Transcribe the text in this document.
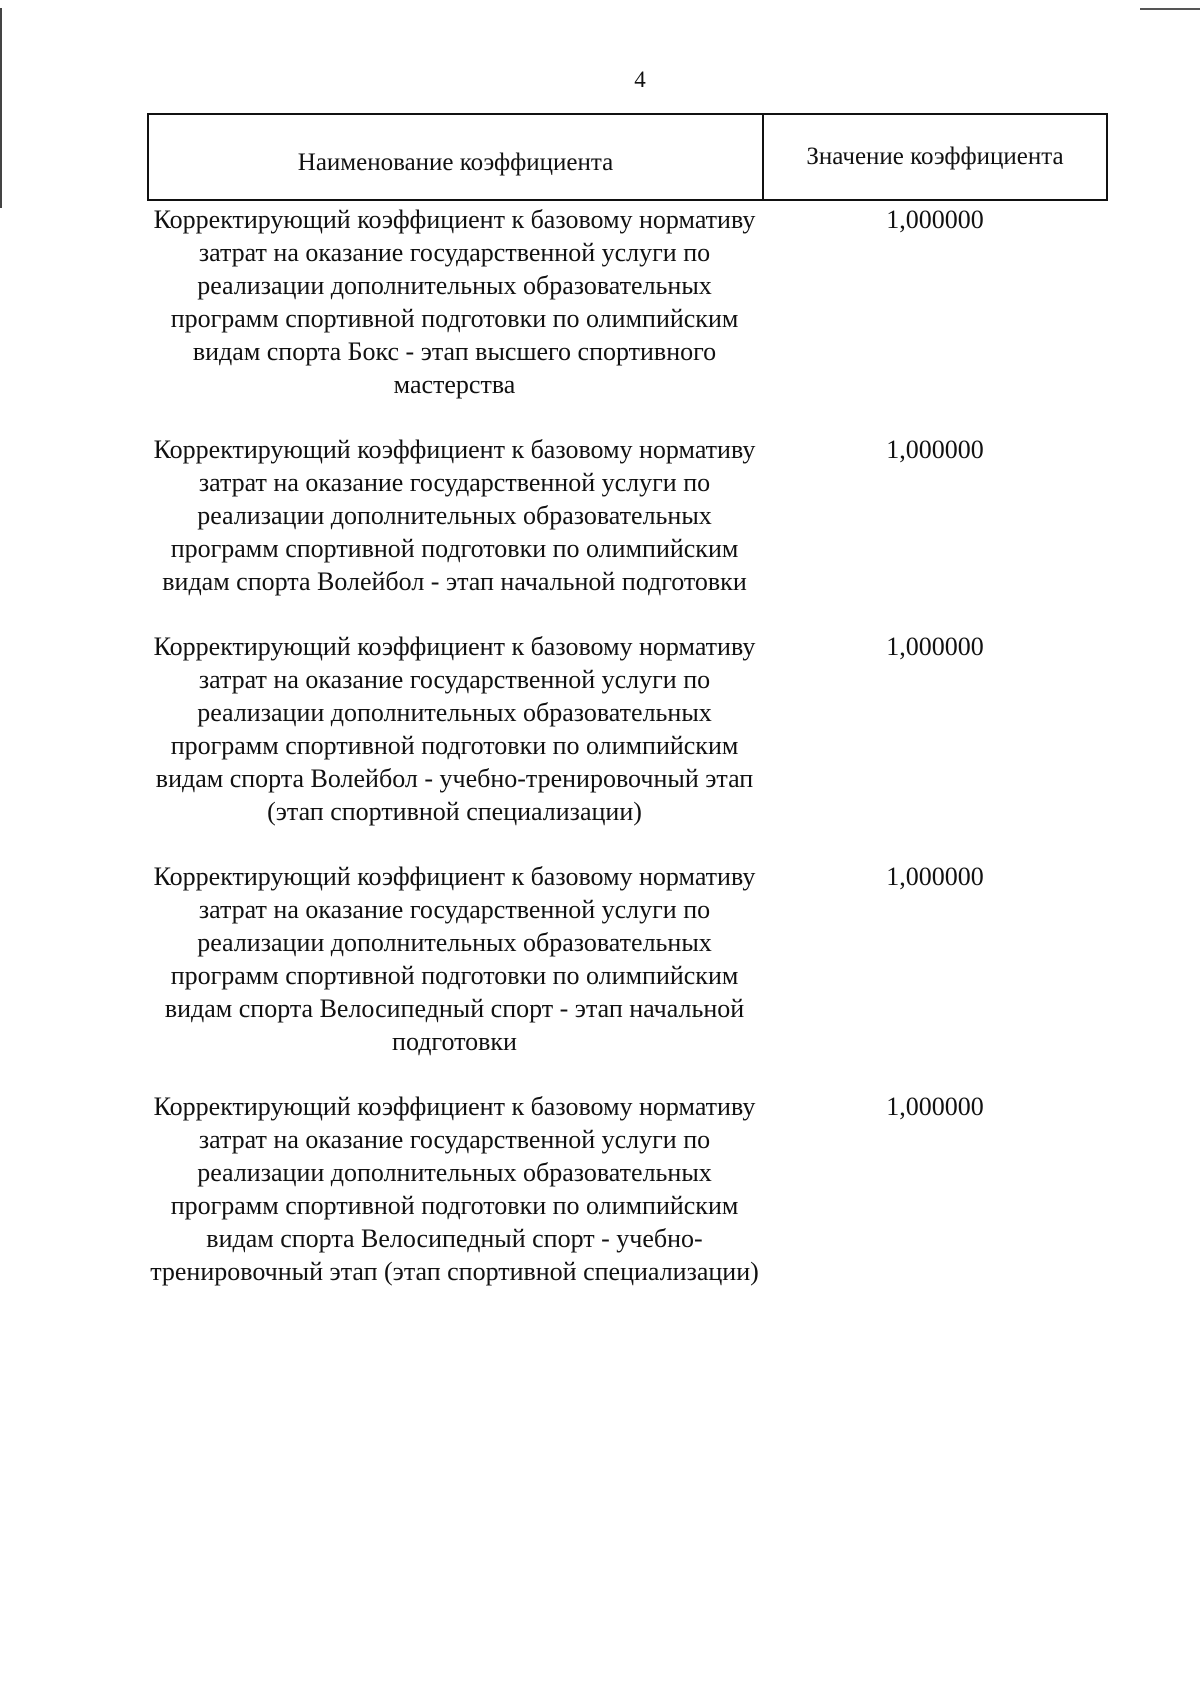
4
Наименование коэффициента	Значение коэффициента
Корректирующий коэффициент к базовому нормативу затрат на оказание государственной услуги по реализации дополнительных образовательных программ спортивной подготовки по олимпийским видам спорта Бокс - этап высшего спортивного мастерства
1,000000
Корректирующий коэффициент к базовому нормативу затрат на оказание государственной услуги по реализации дополнительных образовательных программ спортивной подготовки по олимпийским видам спорта Волейбол - этап начальной подготовки
1,000000
Корректирующий коэффициент к базовому нормативу затрат на оказание государственной услуги по реализации дополнительных образовательных программ спортивной подготовки по олимпийским видам спорта Волейбол - учебно-тренировочный этап (этап спортивной специализации)
1,000000
Корректирующий коэффициент к базовому нормативу затрат на оказание государственной услуги по реализации дополнительных образовательных программ спортивной подготовки по олимпийским видам спорта Велосипедный спорт - этап начальной подготовки
1,000000
Корректирующий коэффициент к базовому нормативу затрат на оказание государственной услуги по реализации дополнительных образовательных программ спортивной подготовки по олимпийским видам спорта Велосипедный спорт - учебно-тренировочный этап (этап спортивной специализации)
1,000000
